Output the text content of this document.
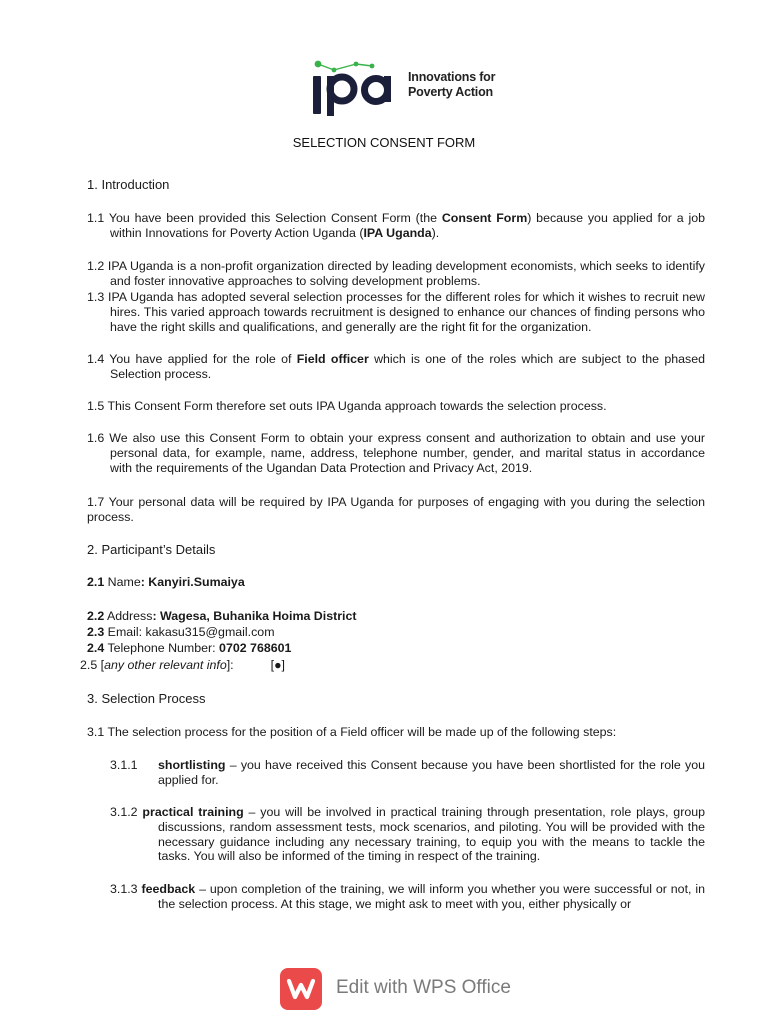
Innovations for
Poverty Action
SELECTION CONSENT FORM
1. Introduction
1.1 You have been provided this Selection Consent Form (the Consent Form) because you applied for a job within Innovations for Poverty Action Uganda (IPA Uganda).
1.2 IPA Uganda is a non-profit organization directed by leading development economists, which seeks to identify and foster innovative approaches to solving development problems.
1.3 IPA Uganda has adopted several selection processes for the different roles for which it wishes to recruit new hires. This varied approach towards recruitment is designed to enhance our chances of finding persons who have the right skills and qualifications, and generally are the right fit for the organization.
1.4 You have applied for the role of Field officer which is one of the roles which are subject to the phased Selection process.
1.5 This Consent Form therefore set outs IPA Uganda approach towards the selection process.
1.6 We also use this Consent Form to obtain your express consent and authorization to obtain and use your personal data, for example, name, address, telephone number, gender, and marital status in accordance with the requirements of the Ugandan Data Protection and Privacy Act, 2019.
1.7 Your personal data will be required by IPA Uganda for purposes of engaging with you during the selection process.
2. Participant’s Details
2.1 Name: Kanyiri.Sumaiya
2.2 Address: Wagesa, Buhanika Hoima District
2.3 Email: kakasu315@gmail.com
2.4 Telephone Number: 0702 768601
2.5 [any other relevant info]:	[●]
3. Selection Process
3.1 The selection process for the position of a Field officer will be made up of the following steps:
3.1.1 shortlisting – you have received this Consent because you have been shortlisted for the role you applied for.
3.1.2 practical training – you will be involved in practical training through presentation, role plays, group discussions, random assessment tests, mock scenarios, and piloting. You will be provided with the necessary guidance including any necessary training, to equip you with the means to tackle the tasks. You will also be informed of the timing in respect of the training.
3.1.3 feedback – upon completion of the training, we will inform you whether you were successful or not, in the selection process. At this stage, we might ask to meet with you, either physically or
Edit with WPS Office
